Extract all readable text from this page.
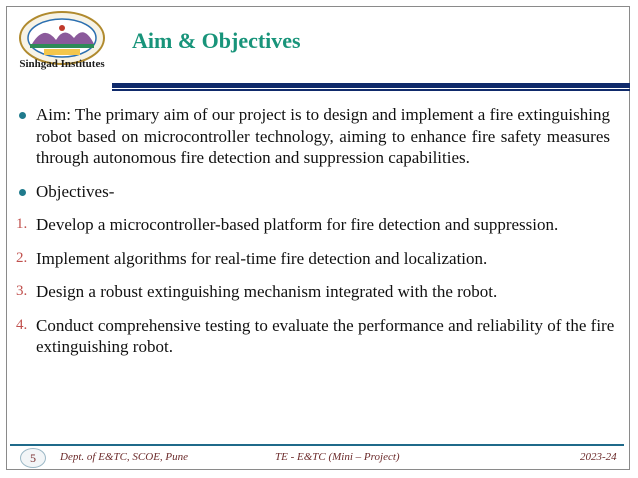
Sinhgad Institutes
Aim & Objectives

Aim: The primary aim of our project is to design and implement a fire extinguishing robot based on microcontroller technology, aiming to enhance fire safety measures through autonomous fire detection and suppression capabilities.

Objectives-

1. Develop a microcontroller-based platform for fire detection and suppression.

2. Implement algorithms for real-time fire detection and localization.

3. Design a robust extinguishing mechanism integrated with the robot.

4. Conduct comprehensive testing to evaluate the performance and reliability of the fire extinguishing robot.

5	Dept. of E&TC, SCOE, Pune	TE - E&TC (Mini – Project)	2023-24
